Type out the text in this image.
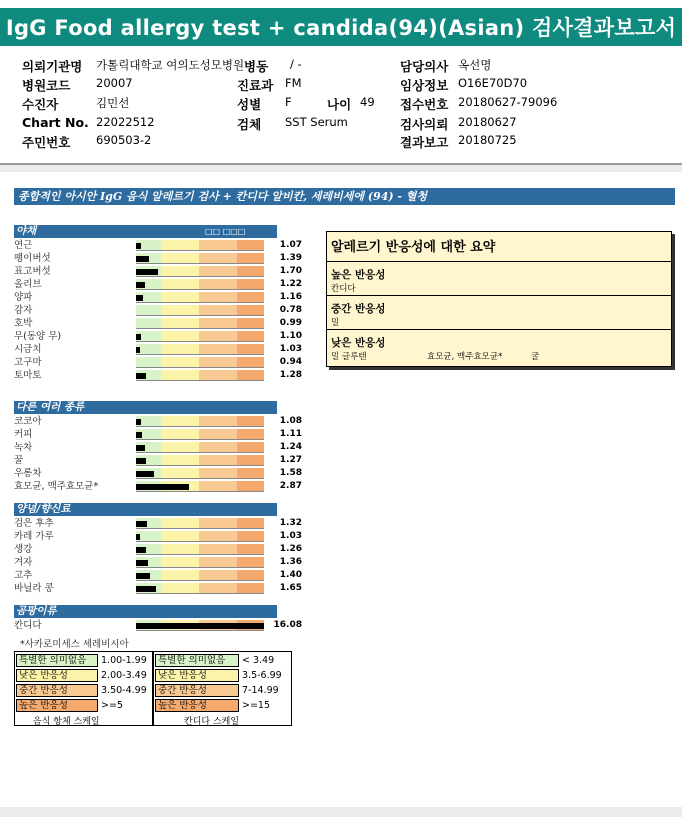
IgG Food allergy test + candida(94)(Asian) 검사결과보고서
의뢰기관명 가톨릭대학교 여의도성모병원 병동 / -	담당의사 옥선명
병원코드 20007	진료과 FM	임상정보 O16E70D70
수진자	김민선	성별 F	나이 49 접수번호 20180627-79096
Chart No. 22022512	검체 SST Serum	검사의뢰 20180627
주민번호 690503-2	결과보고 20180725
종합적인 아시안 IgG 음식 알레르기 검사 + 칸디다 알비칸, 세레비세에 (94) - 혈청
야채
연근	1.07
팽이버섯	1.39
표고버섯	1.70
올리브	1.22
양파	1.16
감자	0.78
호박	0.99
무(동양 무)	1.10
시금치	1.03
고구마	0.94
토마토	1.28
다른 여러 종류
코코아	1.08
커피	1.11
녹차	1.24
꿀	1.27
우롱차	1.58
효모균, 맥주효모균*	2.87
양념/향신료
검은 후추	1.32
카레 가루	1.03
생강	1.26
겨자	1.36
고추	1.40
바닐라 콩	1.65
곰팡이류
칸디다	16.08
□□ □□□
*사카로미세스 세레비시아
특별한 의미없음	1.00-1.99
낮은 반응성	2.00-3.49
중간 반응성	3.50-4.99
높은 반응성	>=5
음식 항체 스케일
특별한 의미없음	< 3.49
낮은 반응성	3.5-6.99
중간 반응성	7-14.99
높은 반응성	>=15
칸디다 스케일
알레르기 반응성에 대한 요약
높은 반응성
칸디다
중간 반응성
밀
낮은 반응성
밀 글루텐	효모균, 맥주효모균*	굴
